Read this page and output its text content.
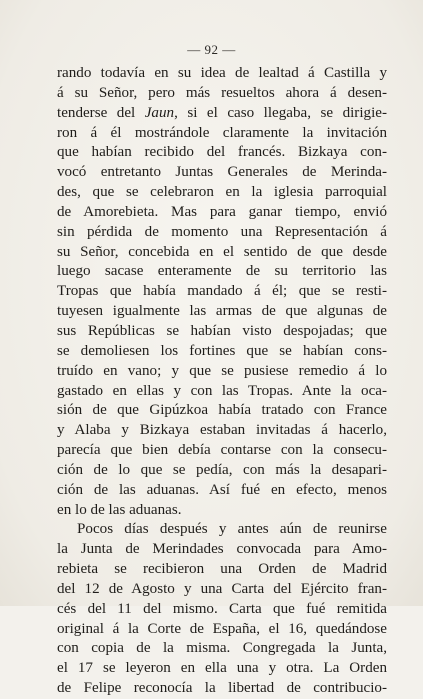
— 92 —
rando todavía en su idea de lealtad á Castilla y
á su Señor, pero más resueltos ahora á desen-
tenderse del Jaun, si el caso llegaba, se dirigie-
ron á él mostrándole claramente la invitación
que habían recibido del francés. Bizkaya con-
vocó entretanto Juntas Generales de Merinda-
des, que se celebraron en la iglesia parroquial
de Amorebieta. Mas para ganar tiempo, envió
sin pérdida de momento una Representación á
su Señor, concebida en el sentido de que desde
luego sacase enteramente de su territorio las
Tropas que había mandado á él; que se resti-
tuyesen igualmente las armas de que algunas de
sus Repúblicas se habían visto despojadas; que
se demoliesen los fortines que se habían cons-
truído en vano; y que se pusiese remedio á lo
gastado en ellas y con las Tropas. Ante la oca-
sión de que Gipúzkoa había tratado con France
y Alaba y Bizkaya estaban invitadas á hacerlo,
parecía que bien debía contarse con la consecu-
ción de lo que se pedía, con más la desapari-
ción de las aduanas. Así fué en efecto, menos
en lo de las aduanas.
Pocos días después y antes aún de reunirse
la Junta de Merindades convocada para Amo-
rebieta se recibieron una Orden de Madrid
del 12 de Agosto y una Carta del Ejército fran-
cés del 11 del mismo. Carta que fué remitida
original á la Corte de España, el 16, quedándose
con copia de la misma. Congregada la Junta,
el 17 se leyeron en ella una y otra. La Orden
de Felipe reconocía la libertad de contribucio-
